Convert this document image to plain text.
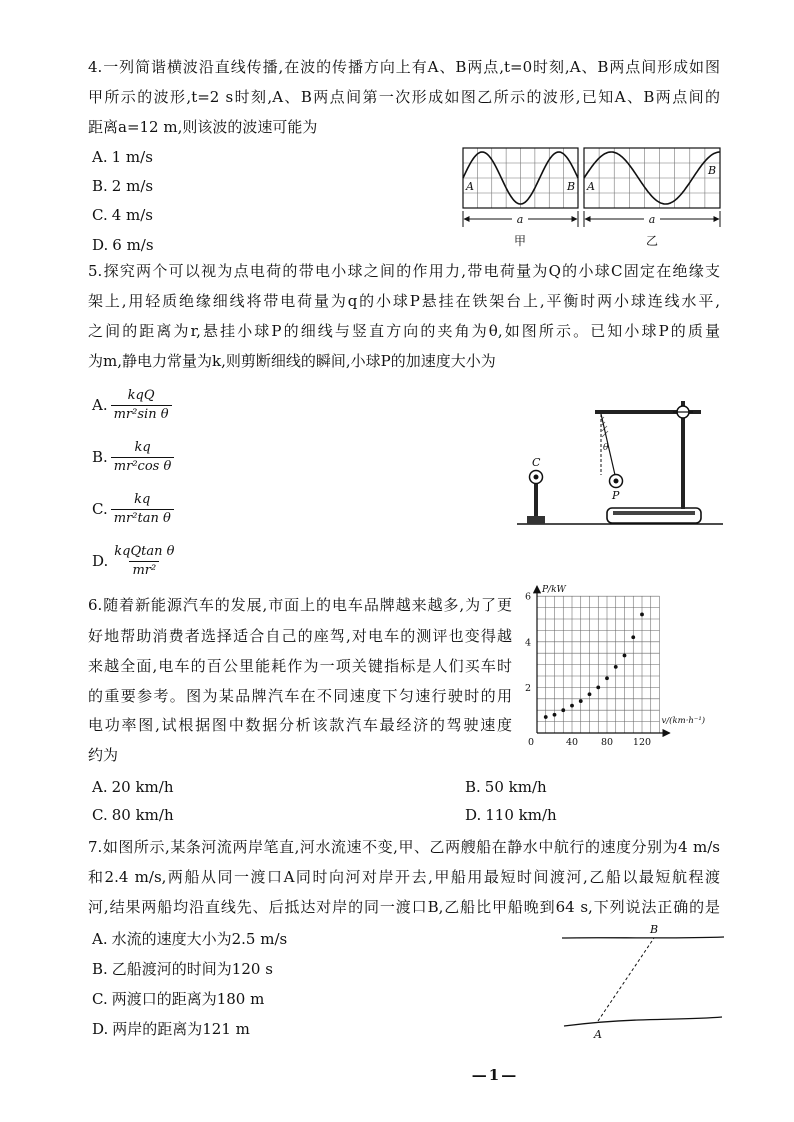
4.一列简谐横波沿直线传播,在波的传播方向上有A、B两点,t=0时刻,A、B两点间形成如图
甲所示的波形,t=2 s时刻,A、B两点间第一次形成如图乙所示的波形,已知A、B两点间的
距离a=12 m,则该波的波速可能为
A. 1 m/s
B. 2 m/s
C. 4 m/s
D. 6 m/s
A	B A
B
a	a
甲	乙
5.探究两个可以视为点电荷的带电小球之间的作用力,带电荷量为Q的小球C固定在绝缘支
架上,用轻质绝缘细线将带电荷量为q的小球P悬挂在铁架台上,平衡时两小球连线水平,
之间的距离为r,悬挂小球P的细线与竖直方向的夹角为θ,如图所示。已知小球P的质量
为m,静电力常量为k,则剪断细线的瞬间,小球P的加速度大小为
A. $\frac{\text{kqQ}}{\text{mr²sin θ}}$
B. $\frac{kq}{\text{mr²cos θ}}$
C. $\frac{kq}{\text{mr²tan θ}}$
D. $\frac{\text{kqQtan θ}}{\text{mr²}}$
C
θ
P
6.随着新能源汽车的发展,市面上的电车品牌越来越多,为了更
好地帮助消费者选择适合自己的座驾,对电车的测评也变得越
来越全面,电车的百公里能耗作为一项关键指标是人们买车时
的重要参考。图为某品牌汽车在不同速度下匀速行驶时的用
电功率图,试根据图中数据分析该款汽车最经济的驾驶速度
约为
A. 20 km/h	B. 50 km/h
C. 80 km/h	D. 110 km/h
0	40 80 120
2
4
6
P/kW
v/(km·h⁻¹)
7.如图所示,某条河流两岸笔直,河水流速不变,甲、乙两艘船在静水中航行的速度分别为4 m/s
和2.4 m/s,两船从同一渡口A同时向河对岸开去,甲船用最短时间渡河,乙船以最短航程渡
河,结果两船均沿直线先、后抵达对岸的同一渡口B,乙船比甲船晚到64 s,下列说法正确的是
A. 水流的速度大小为2.5 m/s
B. 乙船渡河的时间为120 s
C. 两渡口的距离为180 m
D. 两岸的距离为121 m
B
A
—1—
